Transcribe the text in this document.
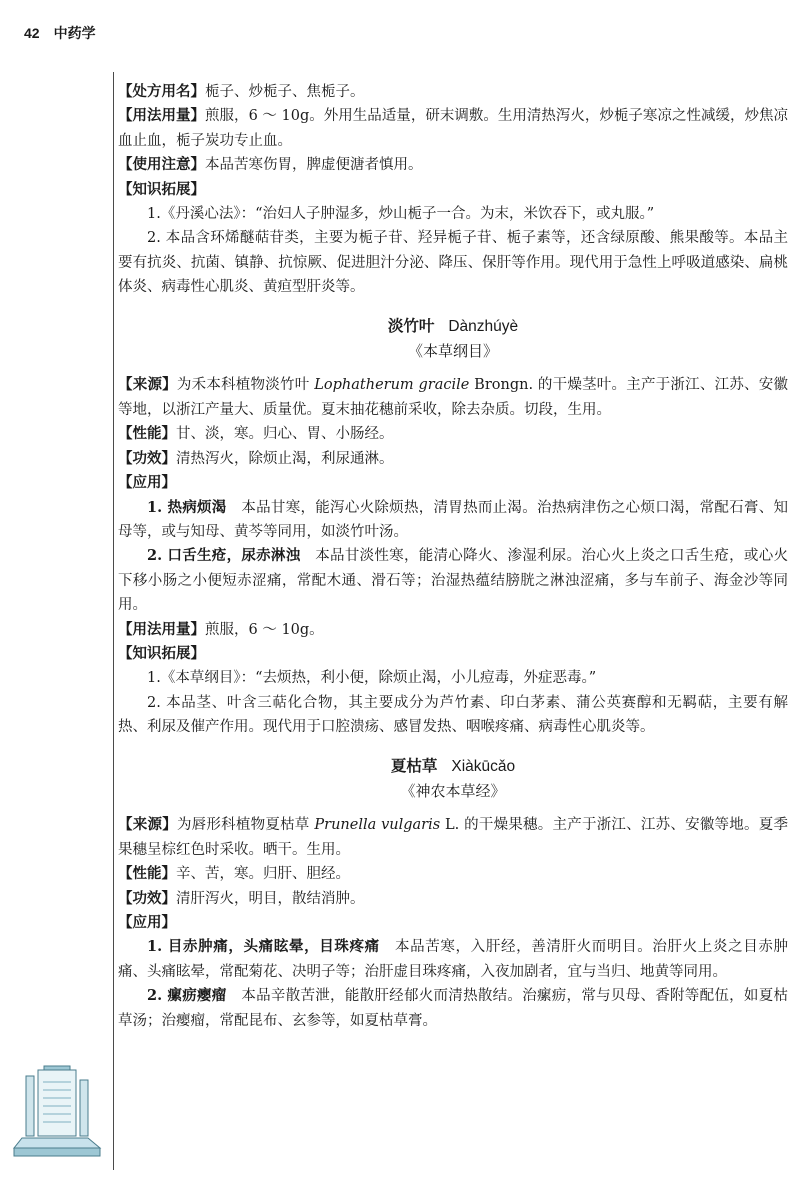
42 中药学

【处方用名】栀子、炒栀子、焦栀子。

【用法用量】煎服，6 ～ 10g。外用生品适量，研末调敷。生用清热泻火，炒栀子寒凉之性减缓，炒焦凉血止血，栀子炭功专止血。

【使用注意】本品苦寒伤胃，脾虚便溏者慎用。

【知识拓展】

1.《丹溪心法》：“治妇人子肿湿多，炒山栀子一合。为末，米饮吞下，或丸服。”

2. 本品含环烯醚萜苷类，主要为栀子苷、羟异栀子苷、栀子素等，还含绿原酸、熊果酸等。本品主要有抗炎、抗菌、镇静、抗惊厥、促进胆汁分泌、降压、保肝等作用。现代用于急性上呼吸道感染、扁桃体炎、病毒性心肌炎、黄疸型肝炎等。

淡竹叶 Dànzhúyè
《本草纲目》

【来源】为禾本科植物淡竹叶 Lophatherum gracile Brongn. 的干燥茎叶。主产于浙江、江苏、安徽等地，以浙江产量大、质量优。夏末抽花穗前采收，除去杂质。切段，生用。

【性能】甘、淡，寒。归心、胃、小肠经。

【功效】清热泻火，除烦止渴，利尿通淋。

【应用】

1. 热病烦渴　 本品甘寒，能泻心火除烦热，清胃热而止渴。治热病津伤之心烦口渴，常配石膏、知母等，或与知母、黄芩等同用，如淡竹叶汤。

2. 口舌生疮，尿赤淋浊　 本品甘淡性寒，能清心降火、渗湿利尿。治心火上炎之口舌生疮，或心火下移小肠之小便短赤涩痛，常配木通、滑石等；治湿热蕴结膀胱之淋浊涩痛，多与车前子、海金沙等同用。

【用法用量】煎服，6 ～ 10g。

【知识拓展】

1.《本草纲目》：“去烦热，利小便，除烦止渴，小儿痘毒，外症恶毒。”

2. 本品茎、叶含三萜化合物，其主要成分为芦竹素、印白茅素、蒲公英赛醇和无羁萜，主要有解热、利尿及催产作用。现代用于口腔溃疡、感冒发热、咽喉疼痛、病毒性心肌炎等。

夏枯草 Xiàkūcǎo
《神农本草经》

【来源】为唇形科植物夏枯草 Prunella vulgaris L. 的干燥果穗。主产于浙江、江苏、安徽等地。夏季果穗呈棕红色时采收。晒干。生用。

【性能】辛、苦，寒。归肝、胆经。

【功效】清肝泻火，明目，散结消肿。

【应用】

1. 目赤肿痛，头痛眩晕，目珠疼痛　 本品苦寒，入肝经，善清肝火而明目。治肝火上炎之目赤肿痛、头痛眩晕，常配菊花、决明子等；治肝虚目珠疼痛，入夜加剧者，宜与当归、地黄等同用。

2. 瘰疬瘿瘤　 本品辛散苦泄，能散肝经郁火而清热散结。治瘰疬，常与贝母、香附等配伍，如夏枯草汤；治瘿瘤，常配昆布、玄参等，如夏枯草膏。
